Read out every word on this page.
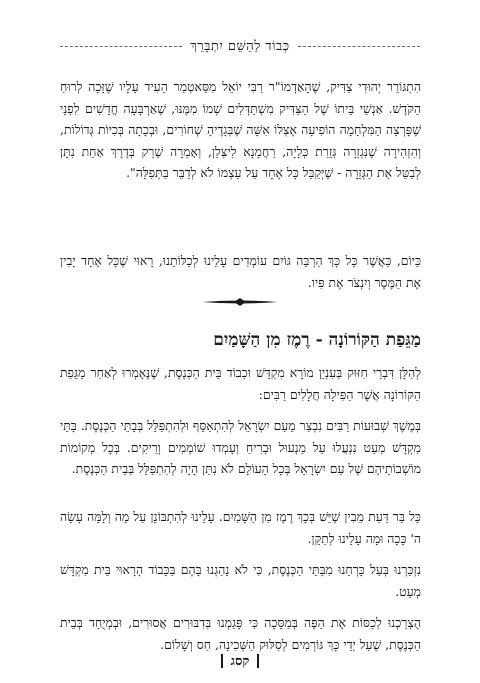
כְּבוֹד לַהַשֵּׁם יִתְבָּרֵךְ

הִתְגּוֹרֵר יְהוּדִי צַדִּיק, שֶׁהָאַדְמוֹ"ר רַבִּי יוֹאֵל מִסַּאטְמַר הֵעִיד עָלָיו שֶׁזָּכָה לְרוּחַ הַקֹּדֶשׁ. אַנְשֵׁי בֵּיתוֹ שֶׁל הַצַּדִּיק מִשְׁתַּדְּלִים שְׁמוֹ מִמֶּנּוּ, שֶׁאַרְבָּעָה חֳדָשִׁים לִפְנֵי שֶׁפָּרְצָה הַמִּלְחָמָה הוֹפִיעָה אֶצְלוֹ אִשָּׁה שֶׁבְּגָדֶיהָ שְׁחוֹרִים, וּבְכָתָה בְּכִיּוֹת גְּדוֹלוֹת, וְהִזְהִירָה שֶׁנִּגְזְרָה גְּזֵרַת כְּלָיָה, רַחֲמָנָא לִיצְּלַן, וְאָמְרָה שֶׁרַק בְּדֶרֶךְ אַחַת נִתָּן לְבַטֵּל אֶת הַגְּזֵרָה - שֶׁיְּקַבֵּל כָּל אֶחָד עַל עַצְמוֹ לֹא לְדַבֵּר בַּתְּפִלָּה".

כַּיּוֹם, כַּאֲשֶׁר כָּל כָּךְ הַרְבֵּה גּוֹיִם עוֹמְדִים עָלֵינוּ לְכַלּוֹתֵנוּ, רָאוּי שֶׁכָּל אֶחָד יָבִין אֶת הַמֶּסֶר וְיִנְצֹר אֶת פִּיו.

מַגֵּפַת הַקּוֹרוֹנָה - רֶמֶז מִן הַשָּׁמַיִם

לְהַלָּן דִּבְרֵי חִזּוּק בְּעִנְיַן מוֹרָא מִקְדָּשׁ וּכְבוֹד בֵּית הַכְּנֶסֶת, שֶׁנֶּאֶמְרוּ לְאַחַר מַגֵּפַת הַקּוֹרוֹנָה אֲשֶׁר הַפִּילָה חֲלָלִים רַבִּים:

בְּמֶשֶׁךְ שְׁבוּעוֹת רַבִּים נִבְצַר מֵעַם יִשְׂרָאֵל לְהִתְאַסֵּף וּלְהִתְפַּלֵּל בְּבָתֵּי הַכְּנֶסֶת. בָּתֵּי מִקְדָּשׁ מְעַט נִנְעֲלוּ עַל מַנְעוּל וּבְרִיחַ וְעָמְדוּ שׁוֹמְמִים וְרֵיקִים. בְּכָל מְקוֹמוֹת מוֹשְׁבוֹתֵיהֶם שֶׁל עַם יִשְׂרָאֵל בְּכָל הָעוֹלָם לֹא נִתַּן הָיָה לְהִתְפַּלֵּל בְּבֵית הַכְּנֶסֶת.

כָּל בַּר דַּעַת מֵבִין שֶׁיֵּשׁ בְּכָךְ רֶמֶז מִן הַשָּׁמַיִם. עָלֵינוּ לְהִתְבּוֹנֵן עַל מָה וְלָמָּה עָשָׂה ה' כָּכָה וּמָה עָלֵינוּ לְתַקֵּן.

נִזְכַּרְנוּ בְּעַל כָּרְחֵנוּ מִבָּתֵּי הַכְּנֶסֶת, כִּי לֹא נָהַגְנוּ בָּהֶם בַּכָּבוֹד הָרָאוּי בֵּית מִקְדָּשׁ מְעַט.

הֻצְרַכְנוּ לְכַסּוֹת אֶת הַפֶּה בְּמַסֵּכָה כִּי פָּגַמְנוּ בְּדִבּוּרִים אֲסוּרִים, וּבְמְיֻחָד בְּבֵית הַכְּנֶסֶת, שֶׁעַל יְדֵי כָּךְ גּוֹרְמִים לְסִלּוּק הַשְּׁכִינָה, חַס וְשָׁלוֹם.

קסג
